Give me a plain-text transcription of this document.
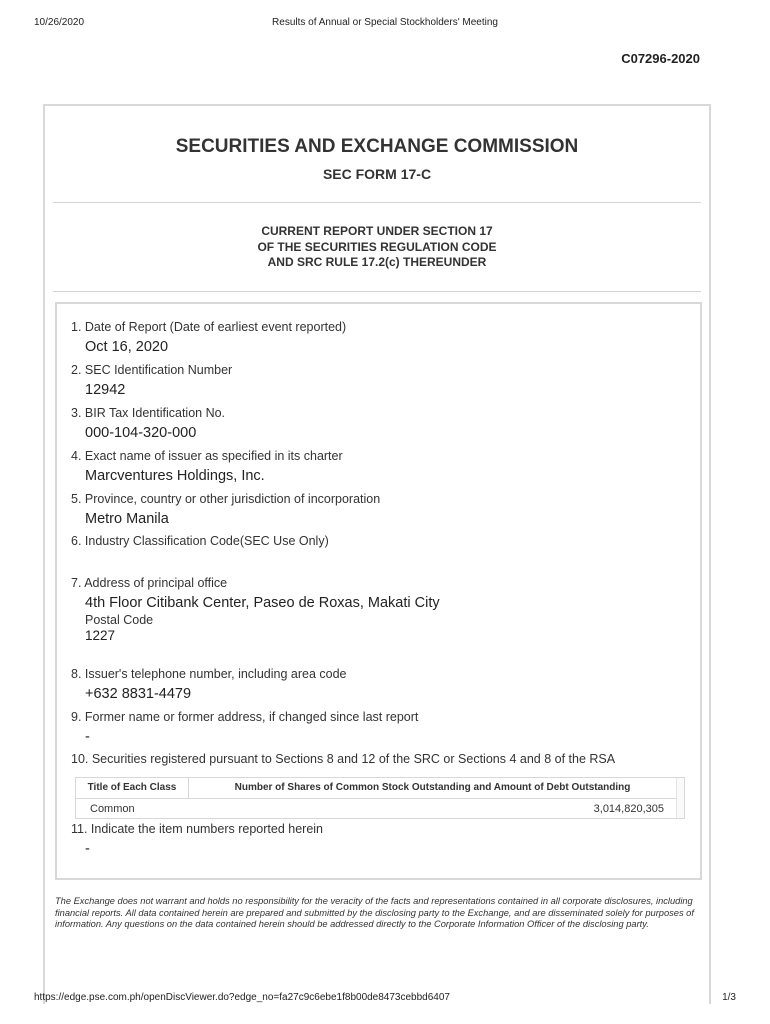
10/26/2020	Results of Annual or Special Stockholders' Meeting
C07296-2020
SECURITIES AND EXCHANGE COMMISSION
SEC FORM 17-C
CURRENT REPORT UNDER SECTION 17
OF THE SECURITIES REGULATION CODE
AND SRC RULE 17.2(c) THEREUNDER
1. Date of Report (Date of earliest event reported)
Oct 16, 2020
2. SEC Identification Number
12942
3. BIR Tax Identification No.
000-104-320-000
4. Exact name of issuer as specified in its charter
Marcventures Holdings, Inc.
5. Province, country or other jurisdiction of incorporation
Metro Manila
6. Industry Classification Code(SEC Use Only)
7. Address of principal office
4th Floor Citibank Center, Paseo de Roxas, Makati City
Postal Code
1227
8. Issuer's telephone number, including area code
+632 8831-4479
9. Former name or former address, if changed since last report
-
10. Securities registered pursuant to Sections 8 and 12 of the SRC or Sections 4 and 8 of the RSA
Title of Each Class	Number of Shares of Common Stock Outstanding and Amount of Debt Outstanding
Common	3,014,820,305
11. Indicate the item numbers reported herein
-
The Exchange does not warrant and holds no responsibility for the veracity of the facts and representations contained in all corporate disclosures, including financial reports. All data contained herein are prepared and submitted by the disclosing party to the Exchange, and are disseminated solely for purposes of information. Any questions on the data contained herein should be addressed directly to the Corporate Information Officer of the disclosing party.
https://edge.pse.com.ph/openDiscViewer.do?edge_no=fa27c9c6ebe1f8b00de8473cebbd6407	1/3
